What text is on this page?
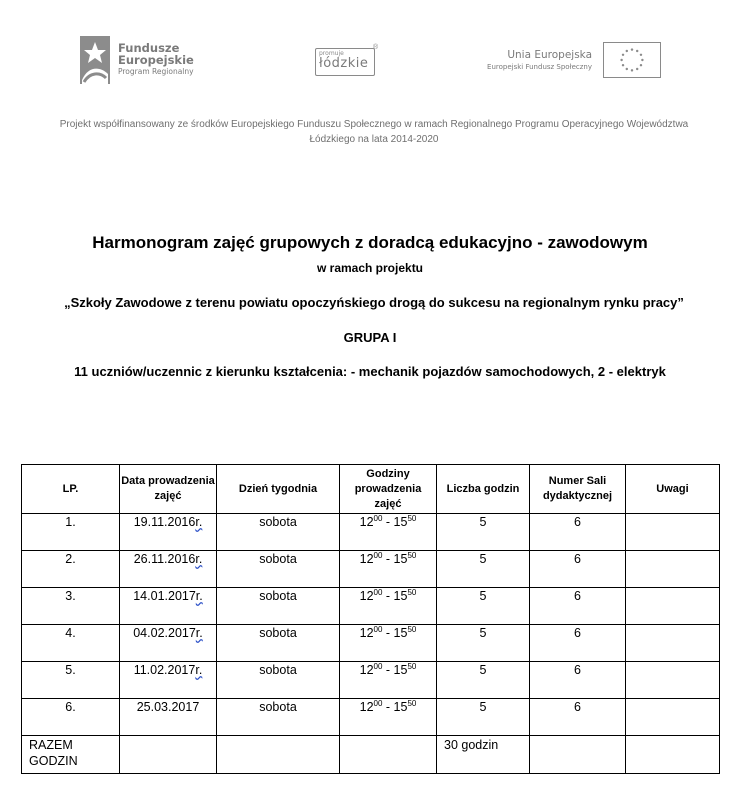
Fundusze
Europejskie
Program Regionalny
promuje
łódzkie
®
Unia Europejska
Europejski Fundusz Społeczny
Projekt współfinansowany ze środków Europejskiego Funduszu Społecznego w ramach Regionalnego Programu Operacyjnego Województwa
Łódzkiego na lata 2014-2020
Harmonogram zajęć grupowych z doradcą edukacyjno - zawodowym
w ramach projektu
„Szkoły Zawodowe z terenu powiatu opoczyńskiego drogą do sukcesu na regionalnym rynku pracy”
GRUPA I
11 uczniów/uczennic z kierunku kształcenia: - mechanik pojazdów samochodowych, 2 - elektryk
LP.	Data prowadzenia zajęć	Dzień tygodnia	Godziny prowadzenia zajęć	Liczba godzin	Numer Sali dydaktycznej	Uwagi
1.	19.11.2016r.	sobota	$12^{00} - 15^{50}$	5	6	
2.	26.11.2016r.	sobota	$12^{00} - 15^{50}$	5	6	
3.	14.01.2017r.	sobota	$12^{00} - 15^{50}$	5	6	
4.	04.02.2017r.	sobota	$12^{00} - 15^{50}$	5	6	
5.	11.02.2017r.	sobota	$12^{00} - 15^{50}$	5	6	
6.	25.03.2017	sobota	$12^{00} - 15^{50}$	5	6	
RAZEM
GODZIN				30 godzin		
